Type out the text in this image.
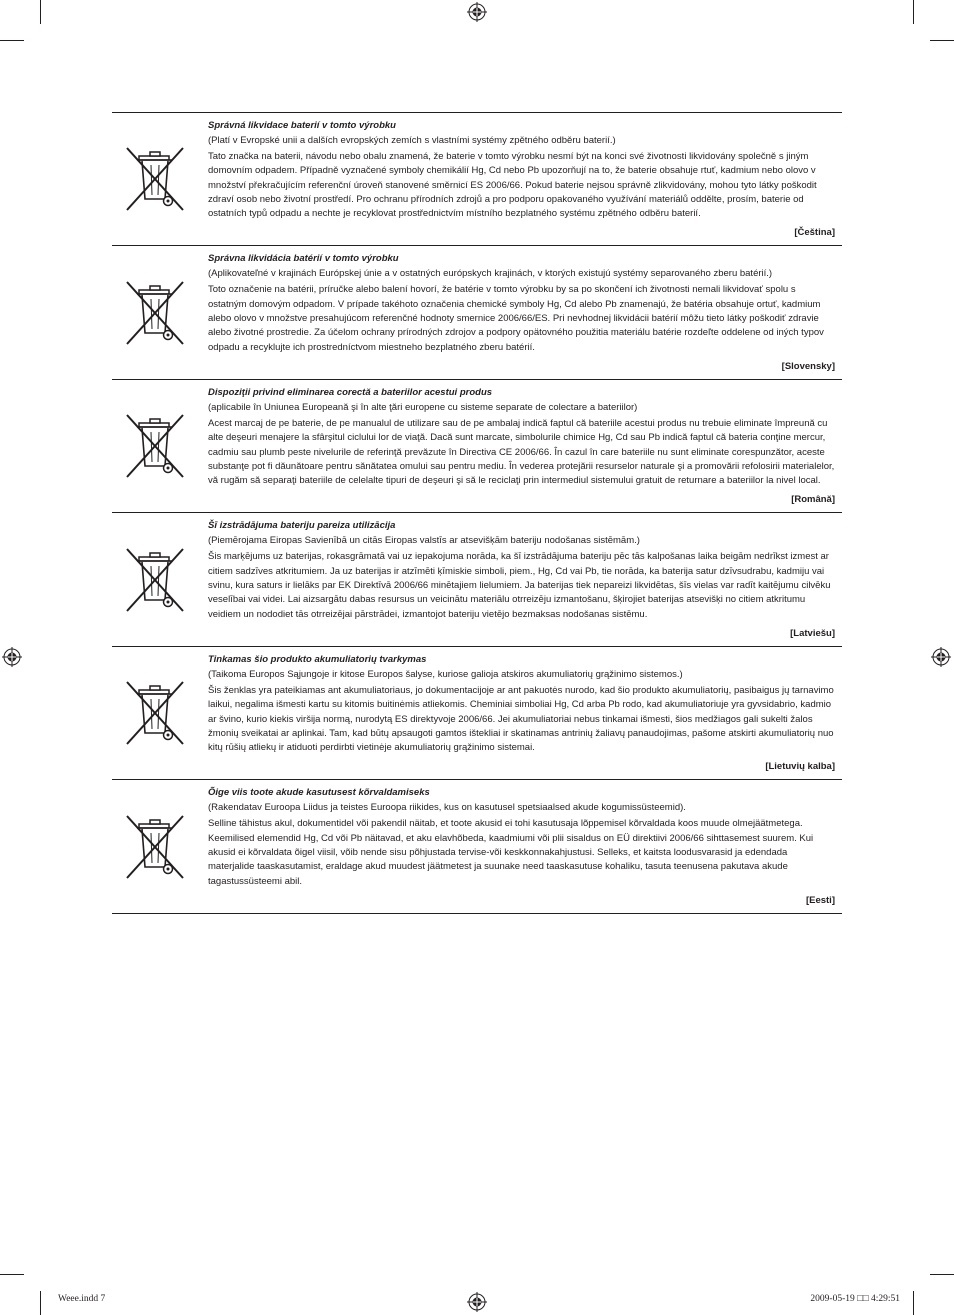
Správná likvidace baterií v tomto výrobku

(Platí v Evropské unii a dalších evropských zemích s vlastními systémy zpětného odběru baterií.)

Tato značka na baterii, návodu nebo obalu znamená, že baterie v tomto výrobku nesmí být na konci své životnosti likvidovány společně s jiným domovním odpadem. Případně vyznačené symboly chemikálií Hg, Cd nebo Pb upozorňují na to, že baterie obsahuje rtuť, kadmium nebo olovo v množství překračujícím referenční úroveň stanovené směrnicí ES 2006/66. Pokud baterie nejsou správně zlikvidovány, mohou tyto látky poškodit zdraví osob nebo životní prostředí. Pro ochranu přírodních zdrojů a pro podporu opakovaného využívání materiálů oddělte, prosím, baterie od ostatních typů odpadu a nechte je recyklovat prostřednictvím místního bezplatného systému zpětného odběru baterií.

[Čeština]

Správna likvidácia batérií v tomto výrobku

(Aplikovateľné v krajinách Európskej únie a v ostatných európskych krajinách, v ktorých existujú systémy separovaného zberu batérií.)

Toto označenie na batérii, príručke alebo balení hovorí, že batérie v tomto výrobku by sa po skončení ich životnosti nemali likvidovať spolu s ostatným domovým odpadom. V prípade takéhoto označenia chemické symboly Hg, Cd alebo Pb znamenajú, že batéria obsahuje ortuť, kadmium alebo olovo v množstve presahujúcom referenčné hodnoty smernice 2006/66/ES. Pri nevhodnej likvidácii batérií môžu tieto látky poškodiť zdravie alebo životné prostredie. Za účelom ochrany prírodných zdrojov a podpory opätovného použitia materiálu batérie rozdeľte oddelene od iných typov odpadu a recyklujte ich prostredníctvom miestneho bezplatného zberu batérií.

[Slovensky]

Dispoziţii privind eliminarea corectă a bateriilor acestui produs

(aplicabile în Uniunea Europeană şi în alte ţări europene cu sisteme separate de colectare a bateriilor)

Acest marcaj de pe baterie, de pe manualul de utilizare sau de pe ambalaj indică faptul că bateriile acestui produs nu trebuie eliminate împreună cu alte deşeuri menajere la sfârşitul ciclului lor de viaţă. Dacă sunt marcate, simbolurile chimice Hg, Cd sau Pb indică faptul că bateria conţine mercur, cadmiu sau plumb peste nivelurile de referinţă prevăzute în Directiva CE 2006/66. În cazul în care bateriile nu sunt eliminate corespunzător, aceste substanţe pot fi dăunătoare pentru sănătatea omului sau pentru mediu. În vederea protejării resurselor naturale şi a promovării refolosirii materialelor, vă rugăm să separaţi bateriile de celelalte tipuri de deşeuri şi să le reciclaţi prin intermediul sistemului gratuit de returnare a bateriilor la nivel local.

[Română]

Šī izstrādājuma bateriju pareiza utilizācija

(Piemērojama Eiropas Savienībā un citās Eiropas valstīs ar atsevišķām bateriju nodošanas sistēmām.)

Šis marķējums uz baterijas, rokasgrāmatā vai uz iepakojuma norāda, ka šī izstrādājuma bateriju pēc tās kalpošanas laika beigām nedrīkst izmest ar citiem sadzīves atkritumiem. Ja uz baterijas ir atzīmēti ķīmiskie simboli, piem., Hg, Cd vai Pb, tie norāda, ka baterija satur dzīvsudrabu, kadmiju vai svinu, kura saturs ir lielāks par EK Direktīvā 2006/66 minētajiem lielumiem. Ja baterijas tiek nepareizi likvidētas, šīs vielas var radīt kaitējumu cilvēku veselībai vai videi. Lai aizsargātu dabas resursus un veicinātu materiālu otrreizēju izmantošanu, šķirojiet baterijas atsevišķi no citiem atkritumu veidiem un nododiet tās otrreizējai pārstrādei, izmantojot bateriju vietējo bezmaksas nodošanas sistēmu.

[Latviešu]

Tinkamas šio produkto akumuliatorių tvarkymas

(Taikoma Europos Sąjungoje ir kitose Europos šalyse, kuriose galioja atskiros akumuliatorių grąžinimo sistemos.)

Šis ženklas yra pateikiamas ant akumuliatoriaus, jo dokumentacijoje ar ant pakuotės nurodo, kad šio produkto akumuliatorių, pasibaigus jų tarnavimo laikui, negalima išmesti kartu su kitomis buitinėmis atliekomis. Cheminiai simboliai Hg, Cd arba Pb rodo, kad akumuliatoriuje yra gyvsidabrio, kadmio ar švino, kurio kiekis viršija normą, nurodytą ES direktyvoje 2006/66. Jei akumuliatoriai nebus tinkamai išmesti, šios medžiagos gali sukelti žalos žmonių sveikatai ar aplinkai. Tam, kad būtų apsaugoti gamtos ištekliai ir skatinamas antrinių žaliavų panaudojimas, pašome atskirti akumuliatorių nuo kitų rūšių atliekų ir atiduoti perdirbti vietinėje akumuliatorių grąžinimo sistemai.

[Lietuvių kalba]

Õige viis toote akude kasutusest kõrvaldamiseks

(Rakendatav Euroopa Liidus ja teistes Euroopa riikides, kus on kasutusel spetsiaalsed akude kogumissüsteemid).

Selline tähistus akul, dokumentidel või pakendil näitab, et toote akusid ei tohi kasutusaja lõppemisel kõrvaldada koos muude olmejäätmetega. Keemilised elemendid Hg, Cd või Pb näitavad, et aku elavhõbeda, kaadmiumi või plii sisaldus on EÜ direktiivi 2006/66 sihttasemest suurem. Kui akusid ei kõrvaldata õigel viisil, võib nende sisu põhjustada tervise-või keskkonnakahjustusi. Selleks, et kaitsta loodusvarasid ja edendada materjalide taaskasutamist, eraldage akud muudest jäätmetest ja suunake need taaskasutuse kohaliku, tasuta teenusena pakutava akude tagastussüsteemi abil.

[Eesti]

Weee.indd 7	2009-05-19 □□ 4:29:51
